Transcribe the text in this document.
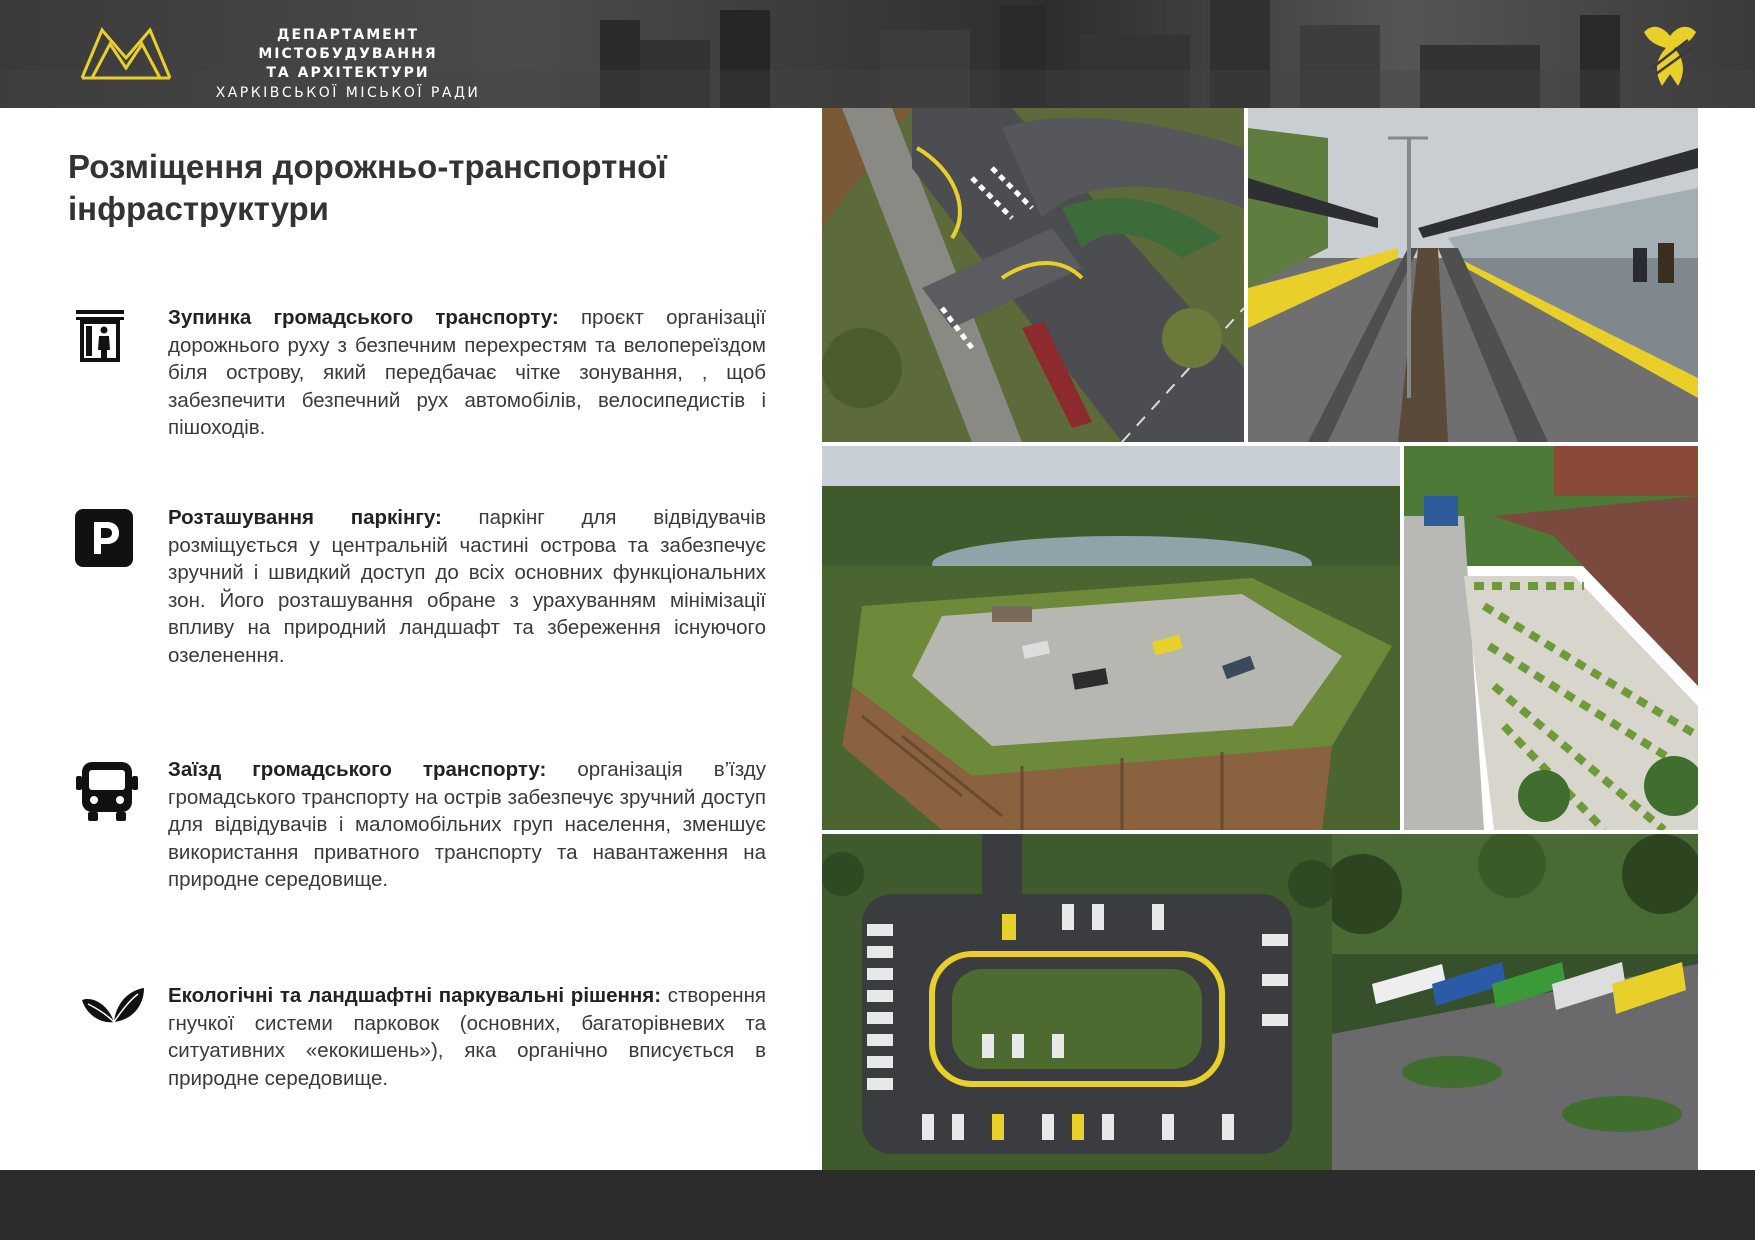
ДЕПАРТАМЕНТ МІСТОБУДУВАННЯ
ТА АРХІТЕКТУРИ
ХАРКІВСЬКОЇ МІСЬКОЇ РАДИ
Розміщення дорожньо-транспортної
інфраструктури

Зупинка громадського транспорту: проєкт організації дорожнього руху з безпечним перехрестям та велопереїздом біля острову, який передбачає чітке зонування, , щоб забезпечити безпечний рух автомобілів, велосипедистів і пішоходів.

Розташування паркінгу: паркінг для відвідувачів розміщується у центральній частині острова та забезпечує зручний і швидкий доступ до всіх основних функціональних зон. Його розташування обране з урахуванням мінімізації впливу на природний ландшафт та збереження існуючого озеленення.

Заїзд громадського транспорту: організація в’їзду громадського транспорту на острів забезпечує зручний доступ для відвідувачів і маломобільних груп населення, зменшує використання приватного транспорту та навантаження на природне середовище.

Екологічні та ландшафтні паркувальні рішення: створення гнучкої системи парковок (основних, багаторівневих та ситуативних «екокишень»), яка органічно вписується в природне середовище.
